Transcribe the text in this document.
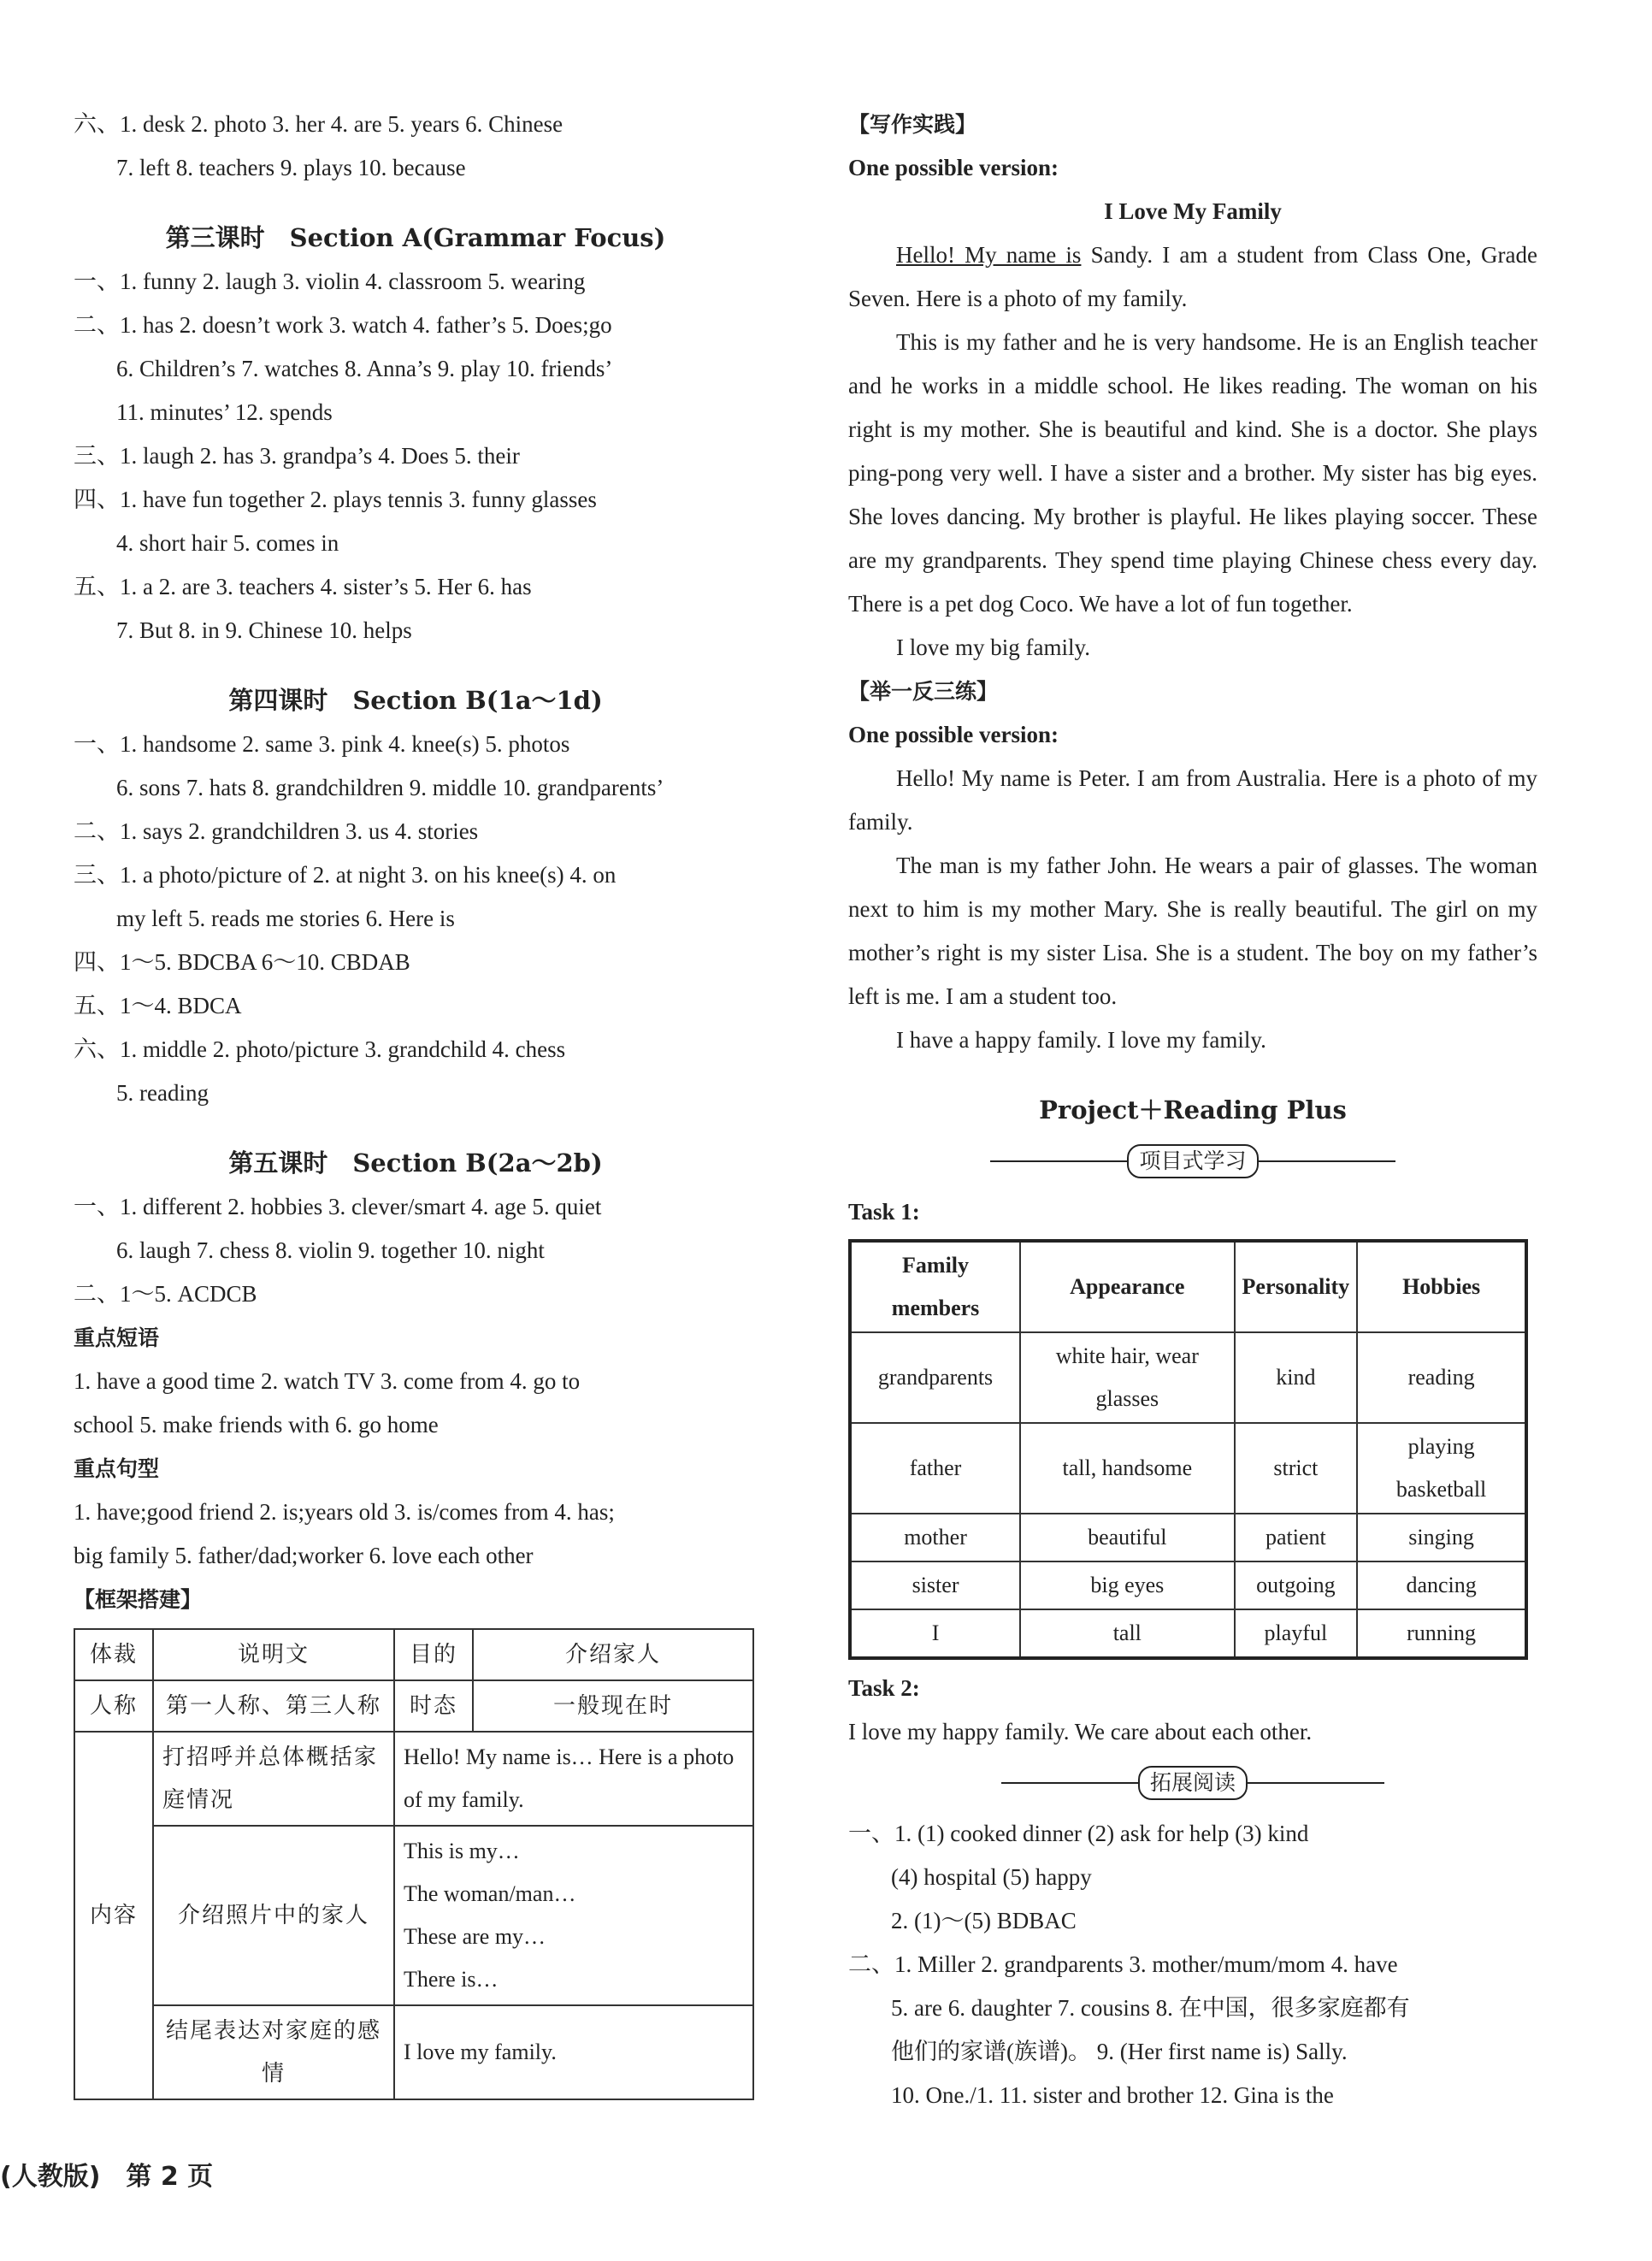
六、1. desk 2. photo 3. her 4. are 5. years 6. Chinese
7. left 8. teachers 9. plays 10. because
第三课时　Section A(Grammar Focus)
一、1. funny 2. laugh 3. violin 4. classroom 5. wearing
二、1. has 2. doesn’t work 3. watch 4. father’s 5. Does;go
6. Children’s 7. watches 8. Anna’s 9. play 10. friends’
11. minutes’ 12. spends
三、1. laugh 2. has 3. grandpa’s 4. Does 5. their
四、1. have fun together 2. plays tennis 3. funny glasses
4. short hair 5. comes in
五、1. a 2. are 3. teachers 4. sister’s 5. Her 6. has
7. But 8. in 9. Chinese 10. helps
第四课时　Section B(1a～1d)
一、1. handsome 2. same 3. pink 4. knee(s) 5. photos
6. sons 7. hats 8. grandchildren 9. middle 10. grandparents’
二、1. says 2. grandchildren 3. us 4. stories
三、1. a photo/picture of 2. at night 3. on his knee(s) 4. on
my left 5. reads me stories 6. Here is
四、1～5. BDCBA 6～10. CBDAB
五、1～4. BDCA
六、1. middle 2. photo/picture 3. grandchild 4. chess
5. reading
第五课时　Section B(2a～2b)
一、1. different 2. hobbies 3. clever/smart 4. age 5. quiet
6. laugh 7. chess 8. violin 9. together 10. night
二、1～5. ACDCB
重点短语
1. have a good time 2. watch TV 3. come from 4. go to
school 5. make friends with 6. go home
重点句型
1. have;good friend 2. is;years old 3. is/comes from 4. has;
big family 5. father/dad;worker 6. love each other
【框架搭建】
体裁	说明文	目的	介绍家人
人称	第一人称、第三人称	时态	一般现在时
内容	打招呼并总体概括家庭情况	Hello! My name is… Here is a photo of my family.	
	介绍照片中的家人	This is my…
The woman/man…
These are my…
There is…	

	结尾表达对家庭的感情	I love my family.	
【写作实践】
One possible version:
I Love My Family

Hello! My name is Sandy. I am a student from Class One, Grade Seven. Here is a photo of my family.

This is my father and he is very handsome. He is an English teacher and he works in a middle school. He likes reading. The woman on his right is my mother. She is beautiful and kind. She is a doctor. She plays ping-pong very well. I have a sister and a brother. My sister has big eyes. She loves dancing. My brother is playful. He likes playing soccer. These are my grandparents. They spend time playing Chinese chess every day. There is a pet dog Coco. We have a lot of fun together.

I love my big family.

【举一反三练】
One possible version:

Hello! My name is Peter. I am from Australia. Here is a photo of my family.

The man is my father John. He wears a pair of glasses. The woman next to him is my mother Mary. She is really beautiful. The girl on my mother’s right is my sister Lisa. She is a student. The boy on my father’s left is me. I am a student too.

I have a happy family. I love my family.

Project＋Reading Plus
项目式学习
Task 1:
Family members	Appearance	Personality	Hobbies
grandparents	white hair, wear glasses	kind	reading
father	tall, handsome	strict	playing basketball
mother	beautiful	patient	singing
sister	big eyes	outgoing	dancing
I	tall	playful	running
Task 2:
I love my happy family. We care about each other.
拓展阅读
一、1. (1) cooked dinner (2) ask for help (3) kind
(4) hospital (5) happy
2. (1)～(5) BDBAC
二、1. Miller 2. grandparents 3. mother/mum/mom 4. have
5. are 6. daughter 7. cousins 8. 在中国，很多家庭都有
他们的家谱(族谱)。 9. (Her first name is) Sally.
10. One./1. 11. sister and brother 12. Gina is the
(人教版)　第 2 页
